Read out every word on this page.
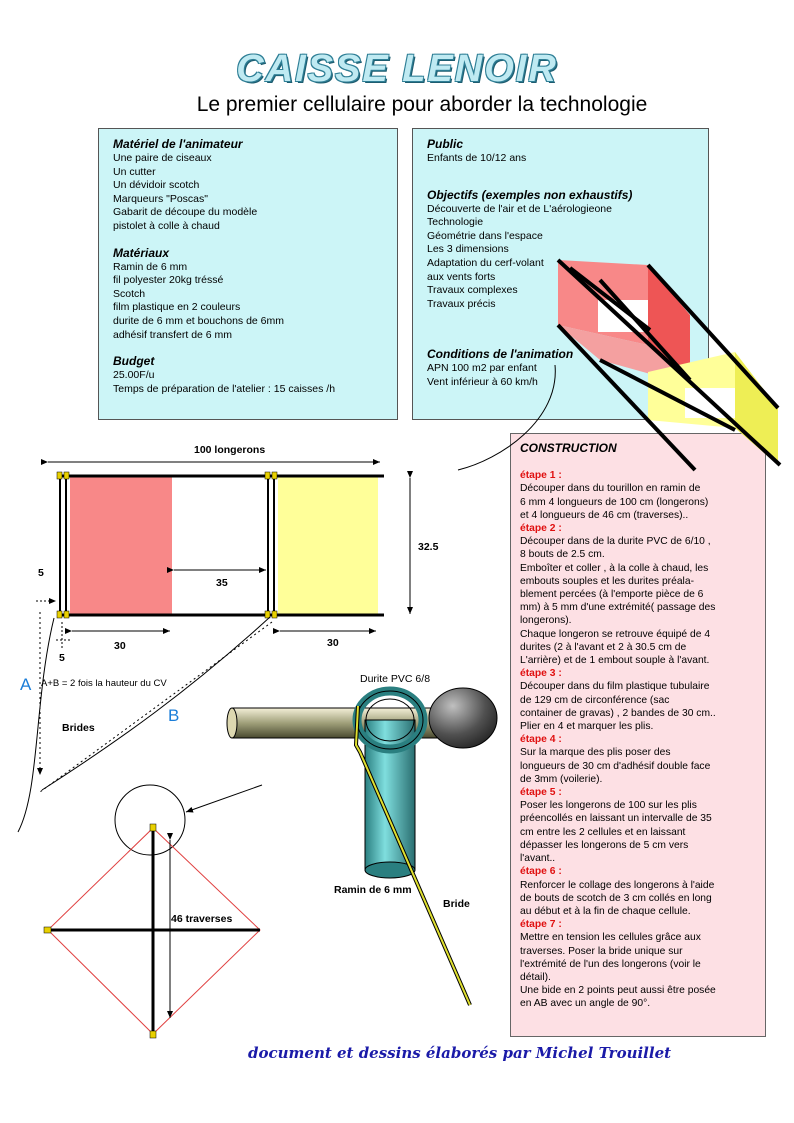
CAISSE LENOIR
Le premier cellulaire pour aborder la technologie
Matériel de l'animateur
Une paire de ciseaux
Un cutter
Un dévidoir scotch
Marqueurs "Poscas"
Gabarit de découpe du modèle
pistolet à colle à chaud
Matériaux
Ramin de 6 mm
fil polyester 20kg tréssé
Scotch
film plastique en 2 couleurs
durite de 6 mm et bouchons de 6mm
adhésif transfert de 6 mm
Budget
25.00F/u
Temps de préparation de l'atelier : 15 caisses /h
Public
Enfants de 10/12 ans
Objectifs (exemples non exhaustifs)
Découverte de l'air et de L'aérologieone
Technologie
Géométrie dans l'espace
Les 3 dimensions
Adaptation du cerf-volant
aux vents forts
Travaux complexes
Travaux précis
Conditions de l'animation
APN 100 m2 par enfant
Vent inférieur à 60 km/h
CONSTRUCTION
étape 1 :
Découper dans du tourillon en ramin de
6 mm 4 longueurs de 100 cm (longerons)
et 4 longueurs de 46 cm (traverses)..
étape 2 :
Découper dans de la durite PVC de 6/10 ,
8 bouts de 2.5 cm.
Emboîter et coller , à la colle à chaud, les
embouts souples et les durites préala-
blement percées (à l'emporte pièce de 6
mm) à 5 mm d'une extrémité( passage des
longerons).
Chaque longeron se retrouve équipé de 4
durites (2 à l'avant et 2 à 30.5 cm de
L'arrière) et de 1 embout souple à l'avant.
étape 3 :
Découper dans du film plastique tubulaire
de 129 cm de circonférence (sac
container de gravas) , 2 bandes de 30 cm..
Plier en 4 et marquer les plis.
étape 4 :
Sur la marque des plis poser des
longueurs de 30 cm d'adhésif double face
de 3mm (voilerie).
étape 5 :
Poser les longerons de 100 sur les plis
préencollés en laissant un intervalle de 35
cm entre les 2 cellules et en laissant
dépasser les longerons de 5 cm vers
l'avant..
étape 6 :
Renforcer le collage des longerons à l'aide
de bouts de scotch de 3 cm collés en long
au début et à la fin de chaque cellule.
étape 7 :
Mettre en tension les cellules grâce aux
traverses. Poser la bride unique sur
l'extrémité de l'un des longerons (voir le
détail).
Une bide en 2 points peut aussi être posée
en AB avec un angle de 90°.
100 longerons
32.5
35
5
30	30
5
A+B = 2 fois la hauteur du CV
A
B
Brides
Durite PVC 6/8
Ramin de 6 mm
Bride
46 traverses
document et dessins élaborés par Michel Trouillet
